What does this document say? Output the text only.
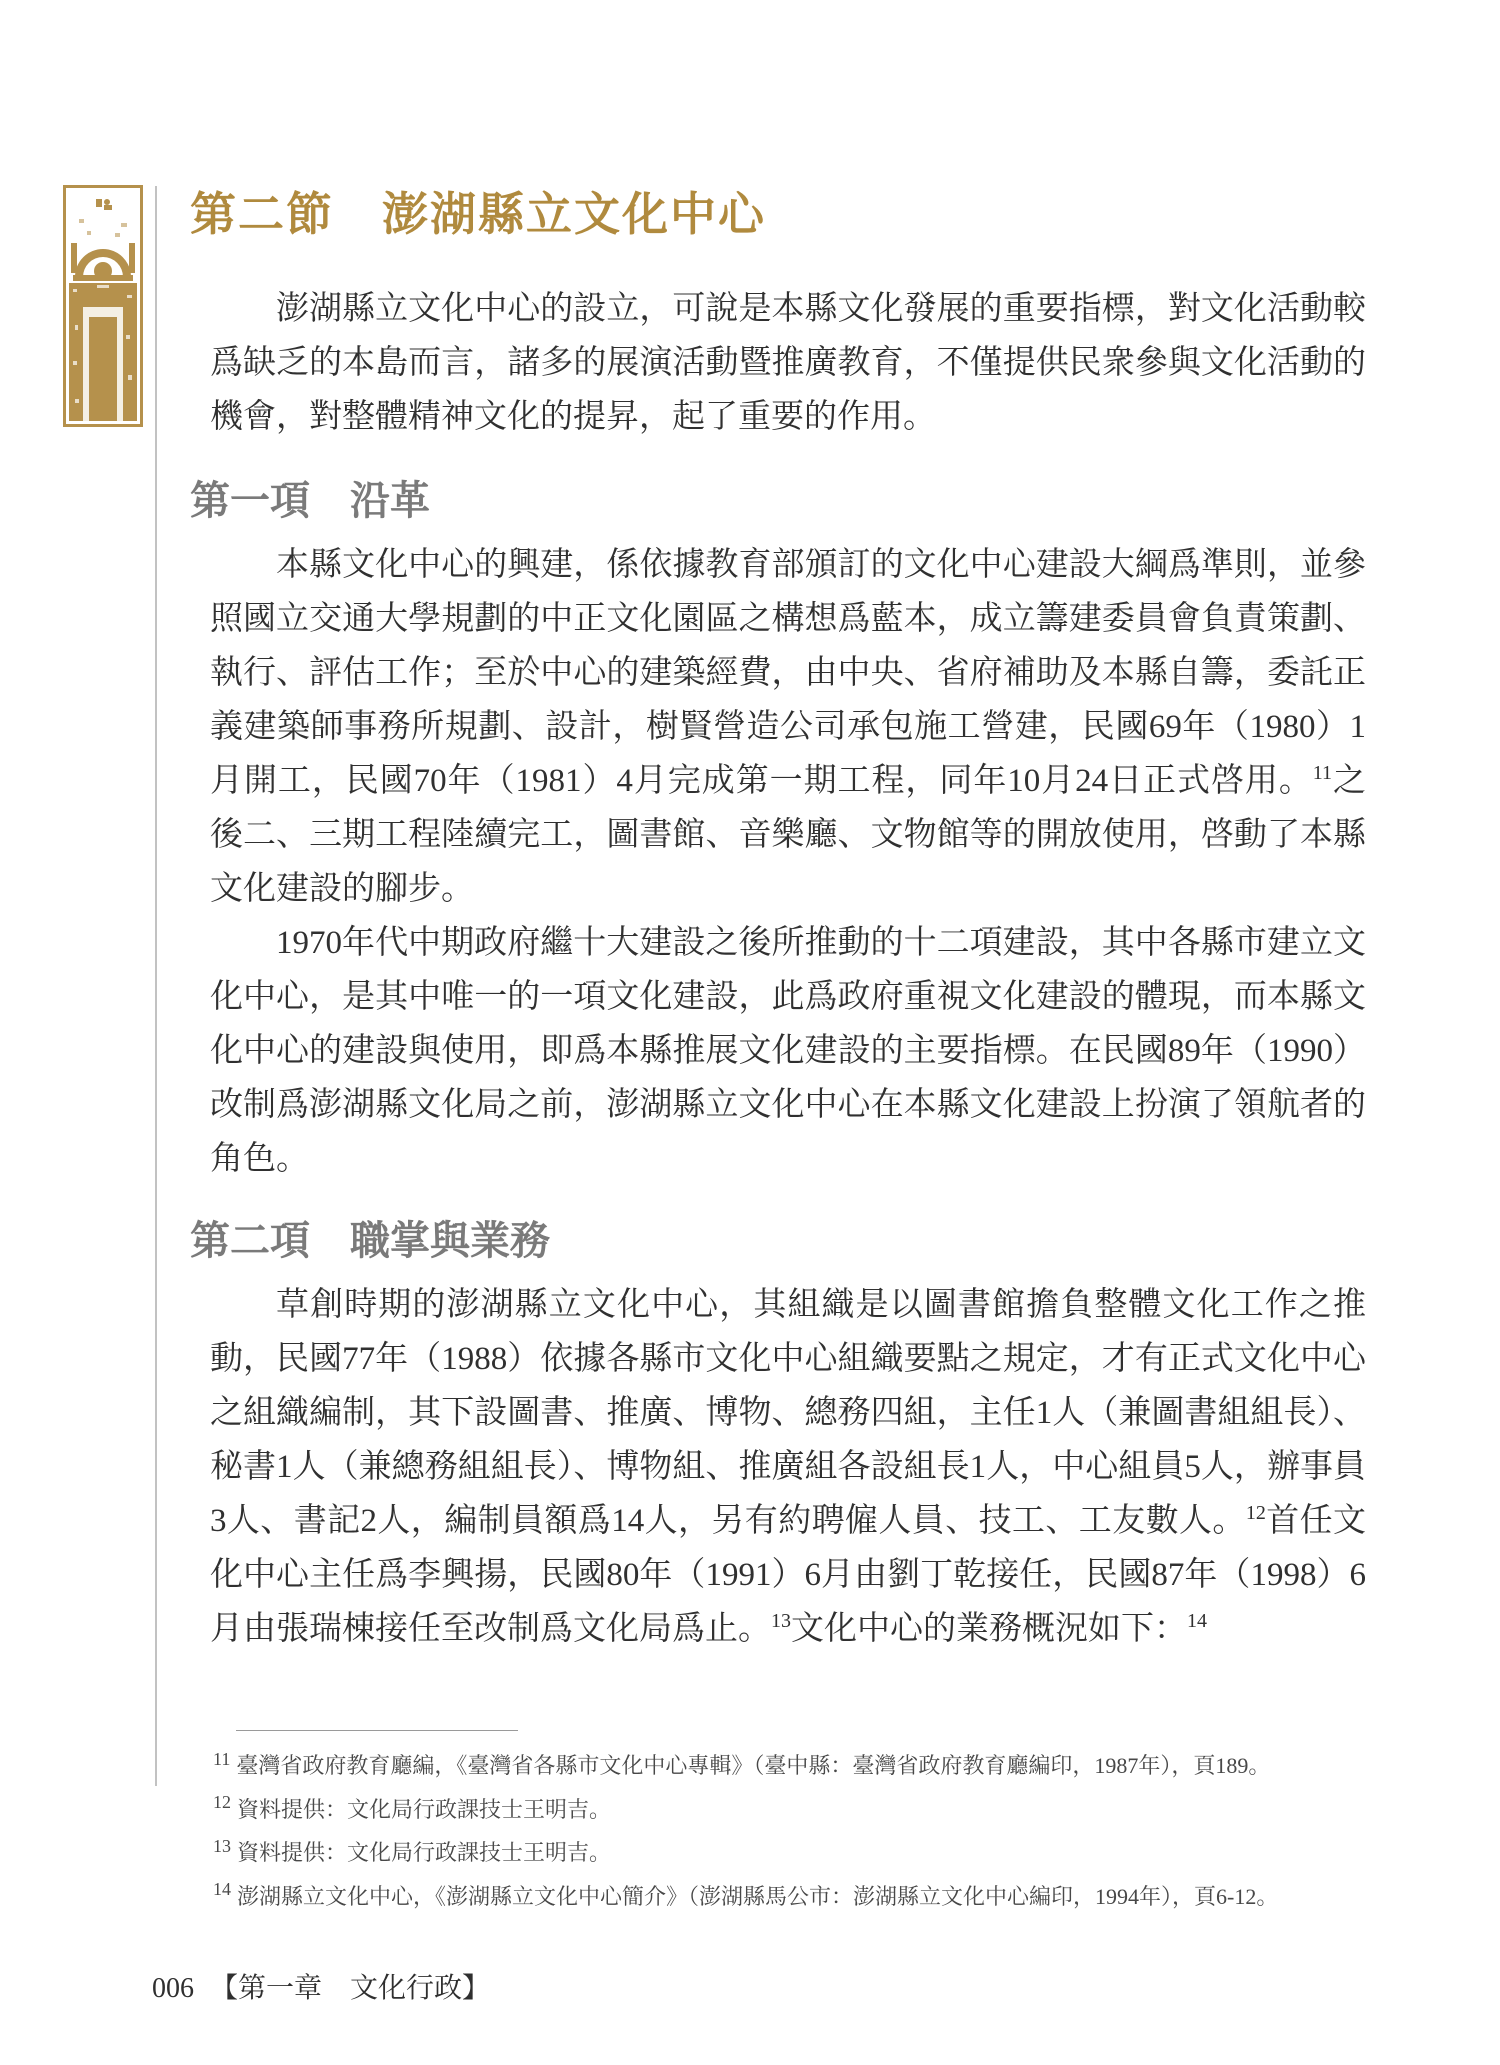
第二節　澎湖縣立文化中心

澎湖縣立文化中心的設立，可說是本縣文化發展的重要指標，對文化活動較爲缺乏的本島而言，諸多的展演活動暨推廣教育，不僅提供民衆參與文化活動的機會，對整體精神文化的提昇，起了重要的作用。

第一項　沿革

本縣文化中心的興建，係依據教育部頒訂的文化中心建設大綱爲準則，並參照國立交通大學規劃的中正文化園區之構想爲藍本，成立籌建委員會負責策劃、執行、評估工作；至於中心的建築經費，由中央、省府補助及本縣自籌，委託正義建築師事務所規劃、設計，樹賢營造公司承包施工營建，民國69年（1980）1月開工，民國70年（1981）4月完成第一期工程，同年10月24日正式啓用。$^{11}$之後二、三期工程陸續完工，圖書館、音樂廳、文物館等的開放使用，啓動了本縣文化建設的腳步。

1970年代中期政府繼十大建設之後所推動的十二項建設，其中各縣市建立文化中心，是其中唯一的一項文化建設，此爲政府重視文化建設的體現，而本縣文化中心的建設與使用，即爲本縣推展文化建設的主要指標。在民國89年（1990）改制爲澎湖縣文化局之前，澎湖縣立文化中心在本縣文化建設上扮演了領航者的角色。

第二項　職掌與業務

草創時期的澎湖縣立文化中心，其組織是以圖書館擔負整體文化工作之推動，民國77年（1988）依據各縣市文化中心組織要點之規定，才有正式文化中心之組織編制，其下設圖書、推廣、博物、總務四組，主任1人（兼圖書組組長）、秘書1人（兼總務組組長）、博物組、推廣組各設組長1人，中心組員5人，辦事員3人、書記2人，編制員額爲14人，另有約聘僱人員、技工、工友數人。$^{12}$首任文化中心主任爲李興揚，民國80年（1991）6月由劉丁乾接任，民國87年（1998）6月由張瑞棟接任至改制爲文化局爲止。$^{13}$文化中心的業務概況如下：$^{14}$

$^{11}$ 臺灣省政府教育廳編，《臺灣省各縣市文化中心專輯》（臺中縣：臺灣省政府教育廳編印，1987年），頁189。
$^{12}$ 資料提供：文化局行政課技士王明吉。
$^{13}$ 資料提供：文化局行政課技士王明吉。
$^{14}$ 澎湖縣立文化中心，《澎湖縣立文化中心簡介》（澎湖縣馬公市：澎湖縣立文化中心編印，1994年），頁6-12。
006 【第一章　文化行政】
